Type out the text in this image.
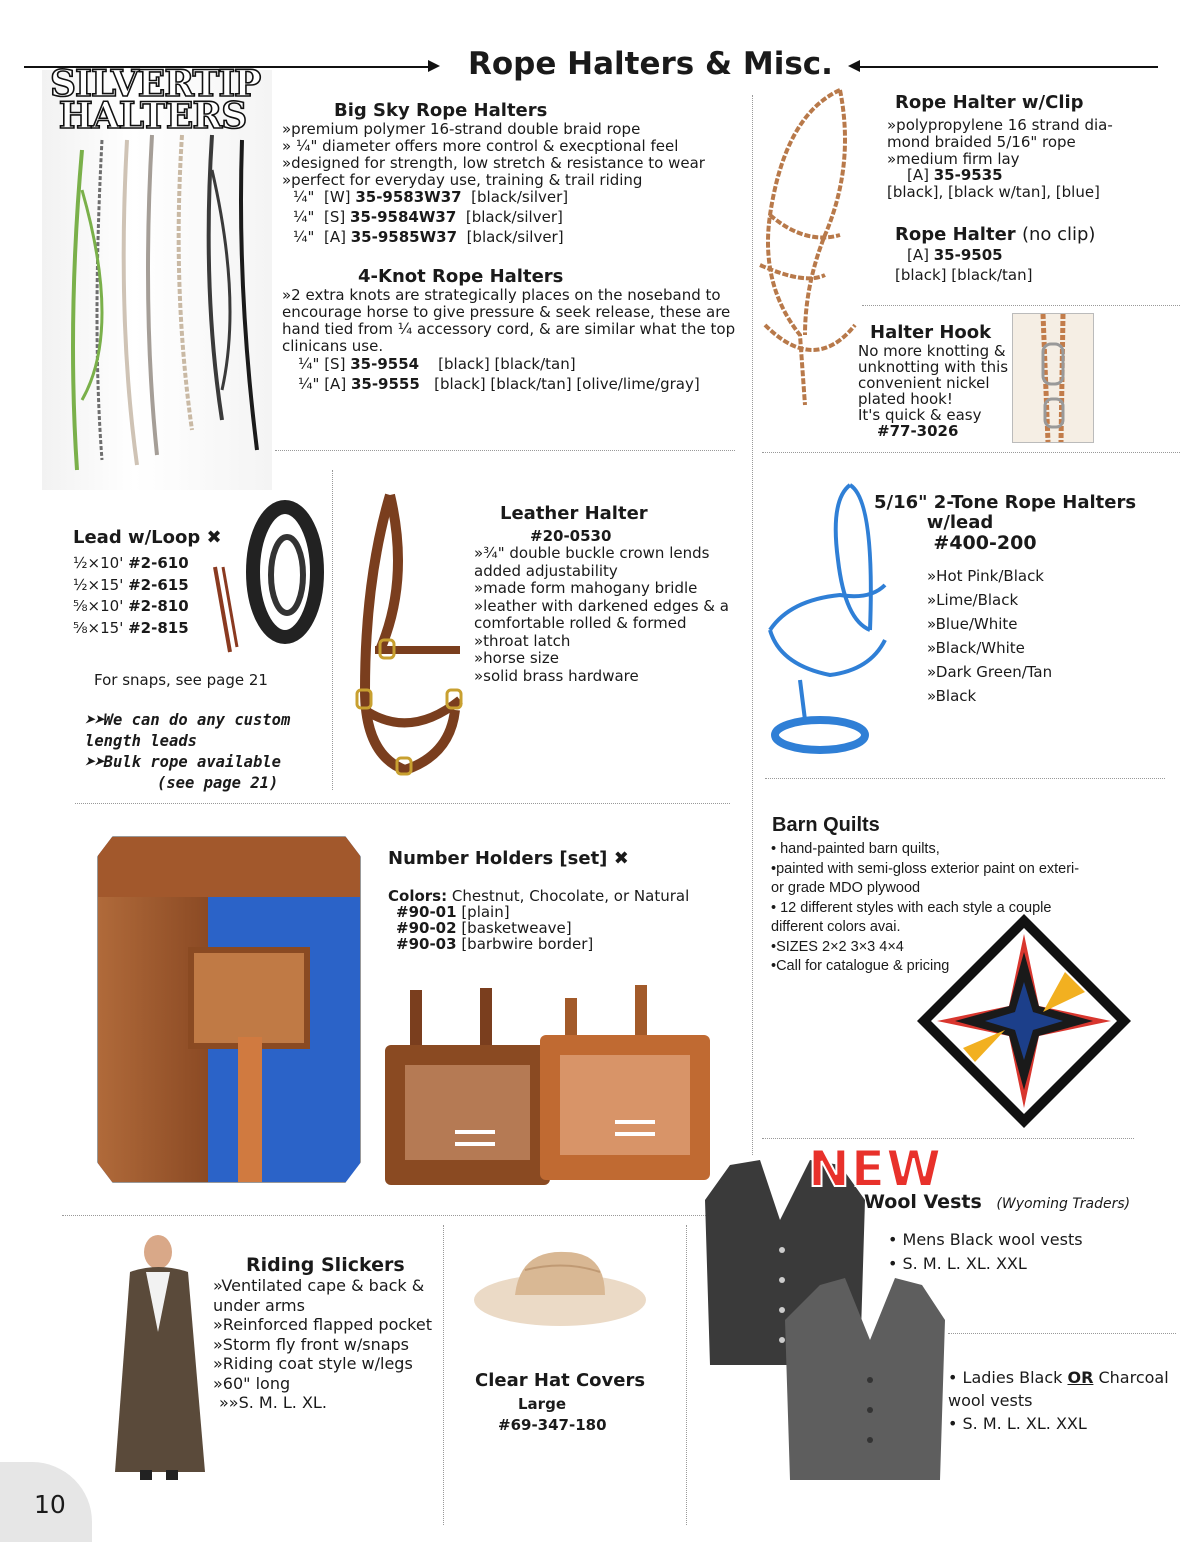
Rope Halters & Misc.
SILVERTIP
HALTERS	Big Sky Rope Halters
»premium polymer 16-strand double braid rope
» ¼" diameter offers more control & execptional feel
»designed for strength, low stretch & resistance to wear
»perfect for everyday use, training & trail riding
¼" [W] 35-9583W37 [black/silver]
¼" [S] 35-9584W37 [black/silver]
¼" [A] 35-9585W37 [black/silver]
4-Knot Rope Halters
»2 extra knots are strategically places on the noseband to
encourage horse to give pressure & seek release, these are
hand tied from ¼ accessory cord, & are similar what the top
clinicans use.
¼" [S] 35-9554 [black] [black/tan]
¼" [A] 35-9555 [black] [black/tan] [olive/lime/gray]
Rope Halter w/Clip
»polypropylene 16 strand dia-
mond braided 5/16" rope
»medium firm lay
[A] 35-9535
[black], [black w/tan], [blue]
Rope Halter (no clip)
[A] 35-9505
[black] [black/tan]
Halter Hook
No more knotting &
unknotting with this
convenient nickel
plated hook!
It's quick & easy
#77-3026
Lead w/Loop ✖
½×10' #2-610
½×15' #2-615
⅝×10' #2-810
⅝×15' #2-815
For snaps, see page 21
➤➤We can do any custom
length leads
➤➤Bulk rope available
(see page 21)
Leather Halter
#20-0530
»¾" double buckle crown lends
added adjustability
»made form mahogany bridle
»leather with darkened edges & a
comfortable rolled & formed
»throat latch
»horse size
»solid brass hardware
5/16" 2-Tone Rope Halters
w/lead
#400-200
»Hot Pink/Black
»Lime/Black
»Blue/White
»Black/White
»Dark Green/Tan
»Black
Number Holders [set] ✖
Colors: Chestnut, Chocolate, or Natural
#90-01 [plain]
#90-02 [basketweave]
#90-03 [barbwire border]
Barn Quilts
• hand-painted barn quilts,
•painted with semi-gloss exterior paint on exteri-
or grade MDO plywood
• 12 different styles with each style a couple
different colors avai.
•SIZES 2×2 3×3 4×4
•Call for catalogue & pricing
Riding Slickers
»Ventilated cape & back &
under arms
»Reinforced flapped pocket
»Storm fly front w/snaps
»Riding coat style w/legs
»60" long
»»S. M. L. XL.
Clear Hat Covers
Large
#69-347-180
NEW
Wool Vests (Wyoming Traders)
• Mens Black wool vests
• S. M. L. XL. XXL
• Ladies Black OR Charcoal
wool vests
• S. M. L. XL. XXL
10
